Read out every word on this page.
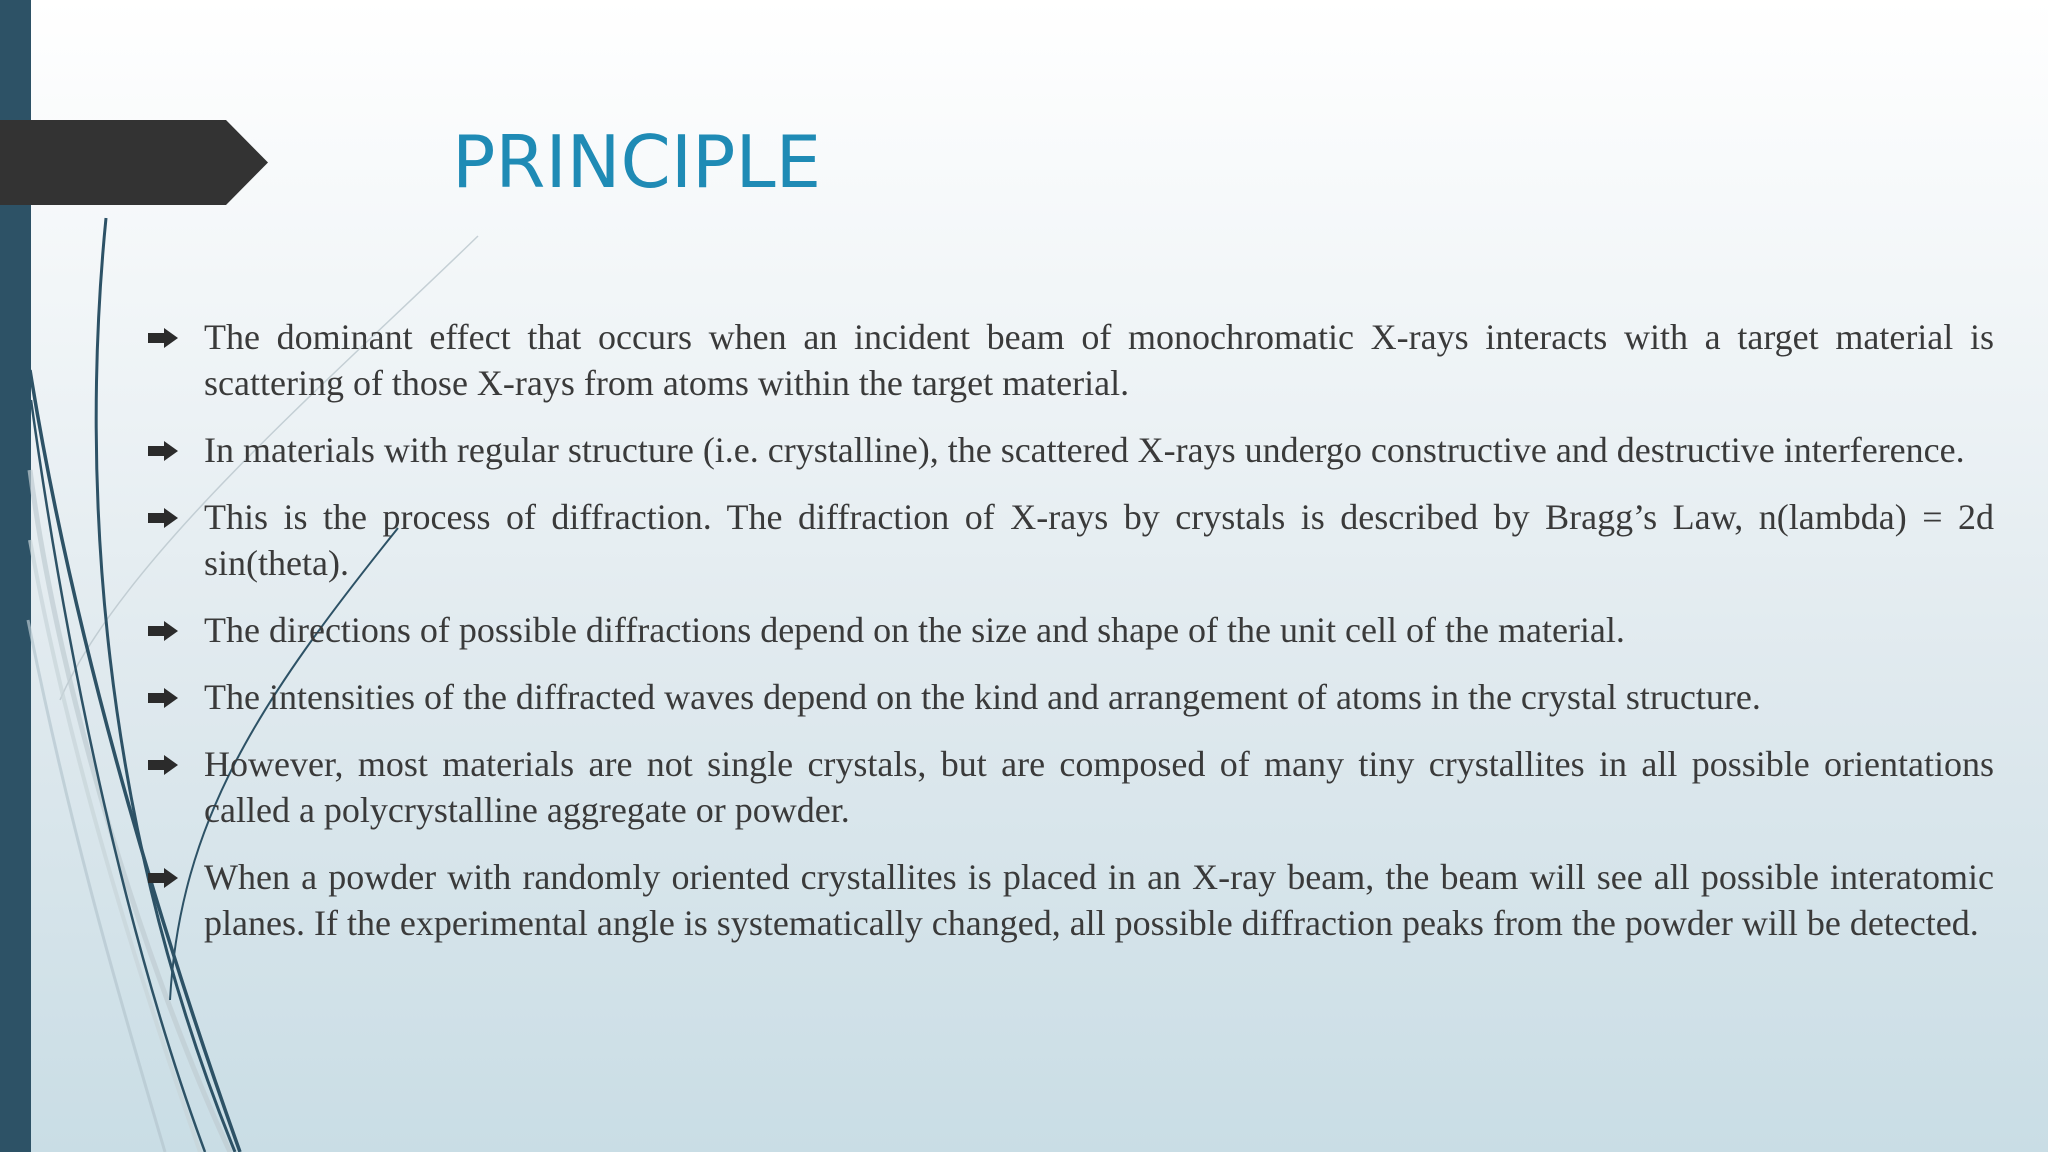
PRINCIPLE
The dominant effect that occurs when an incident beam of monochromatic X-rays interacts with a target material is scattering of those X-rays from atoms within the target material.
In materials with regular structure (i.e. crystalline), the scattered X-rays undergo constructive and destructive interference.
This is the process of diffraction. The diffraction of X-rays by crystals is described by Bragg’s Law, n(lambda) = 2d sin(theta).
The directions of possible diffractions depend on the size and shape of the unit cell of the material.
The intensities of the diffracted waves depend on the kind and arrangement of atoms in the crystal structure.
However, most materials are not single crystals, but are composed of many tiny crystallites in all possible orientations called a polycrystalline aggregate or powder.
When a powder with randomly oriented crystallites is placed in an X-ray beam, the beam will see all possible interatomic planes. If the experimental angle is systematically changed, all possible diffraction peaks from the powder will be detected.
